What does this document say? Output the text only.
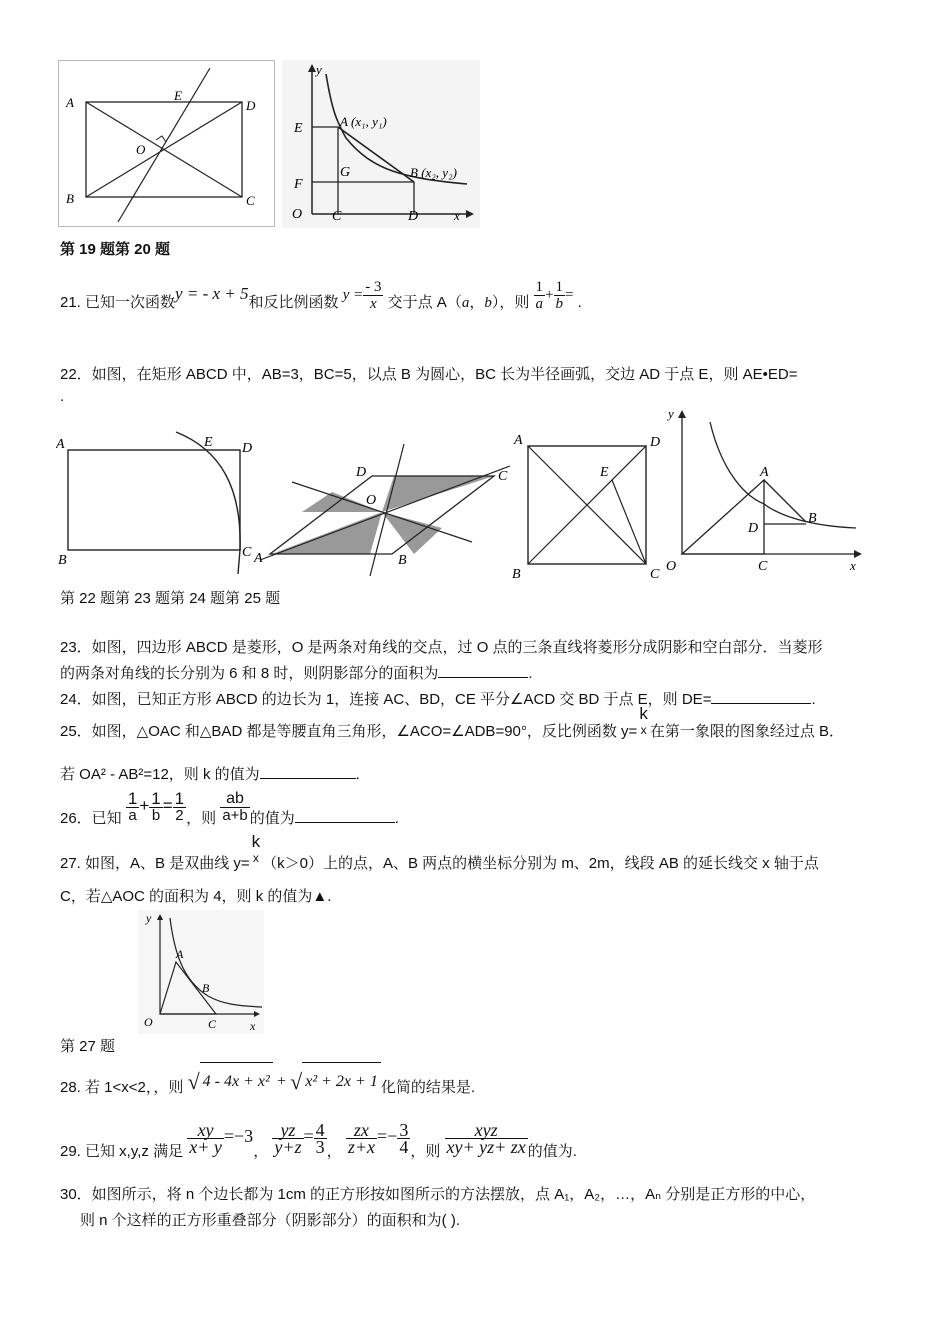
A	E
D
O
B	C
y
E	A (x₁, y₁)
G
F
B (x₂, y₂)
O C	D	x
第 19 题第 20 题
21. 已知一次函数y = - x + 5和反比例函数 $y = \frac{- 3}{x}$ 交于点 A（a，b），则 $\frac{1}{a} + \frac{1}{b}$ = .
22．如图，在矩形 ABCD 中，AB=3，BC=5，以点 B 为圆心，BC 长为半径画弧，交边 AD 于点 E，则 AE•ED=
.
A	E D
B
C
D	C
O
A	B
A	D
E
B	C
y
A
D
B
O	C	x
第 22 题第 23 题第 24 题第 25 题
23．如图，四边形 ABCD 是菱形，O 是两条对角线的交点，过 O 点的三条直线将菱形分成阴影和空白部分．当菱形
的两条对角线的长分别为 6 和 8 时，则阴影部分的面积为	.
24．如图，已知正方形 ABCD 的边长为 1，连接 AC、BD，CE 平分∠ACD 交 BD 于点 E，则 DE=	.
25．如图，△OAC 和△BAD 都是等腰直角三角形，∠ACO=∠ADB=90°，反比例函数 y=
k
x 在第一象限的图象经过点 B．
若 OA² - AB²=12，则 k 的值为	.
26．已知 $\frac{1}{a} + \frac{1}{b} = \frac{1}{2}$ ，则 $\frac{ab}{a+b}$ 的值为	.
27. 如图，A、B 是双曲线 y=
k
x （k＞0）上的点，A、B 两点的横坐标分别为 m、2m，线段 AB 的延长线交 x 轴于点
C，若△AOC 的面积为 4，则 k 的值为▲.
y
A
B
O	C	x
第 27 题
28. 若 1<x<2，，则 √ 4 - 4x + x² + √ x² + 2x + 1 化简的结果是.
29. 已知 x,y,z 满足 $\frac{xy}{x+ y} =-3$， $\frac{yz}{y+z} = \frac{4}{3}$ ， $\frac{zx}{z+x} =- \frac{3}{4}$ ，则 $\frac{\text{xyz}}{xy+ yz+ zx}$ 的值为.
30．如图所示，将 n 个边长都为 1cm 的正方形按如图所示的方法摆放，点 A₁，A₂，…，Aₙ 分别是正方形的中心，
则 n 个这样的正方形重叠部分（阴影部分）的面积和为( ).
